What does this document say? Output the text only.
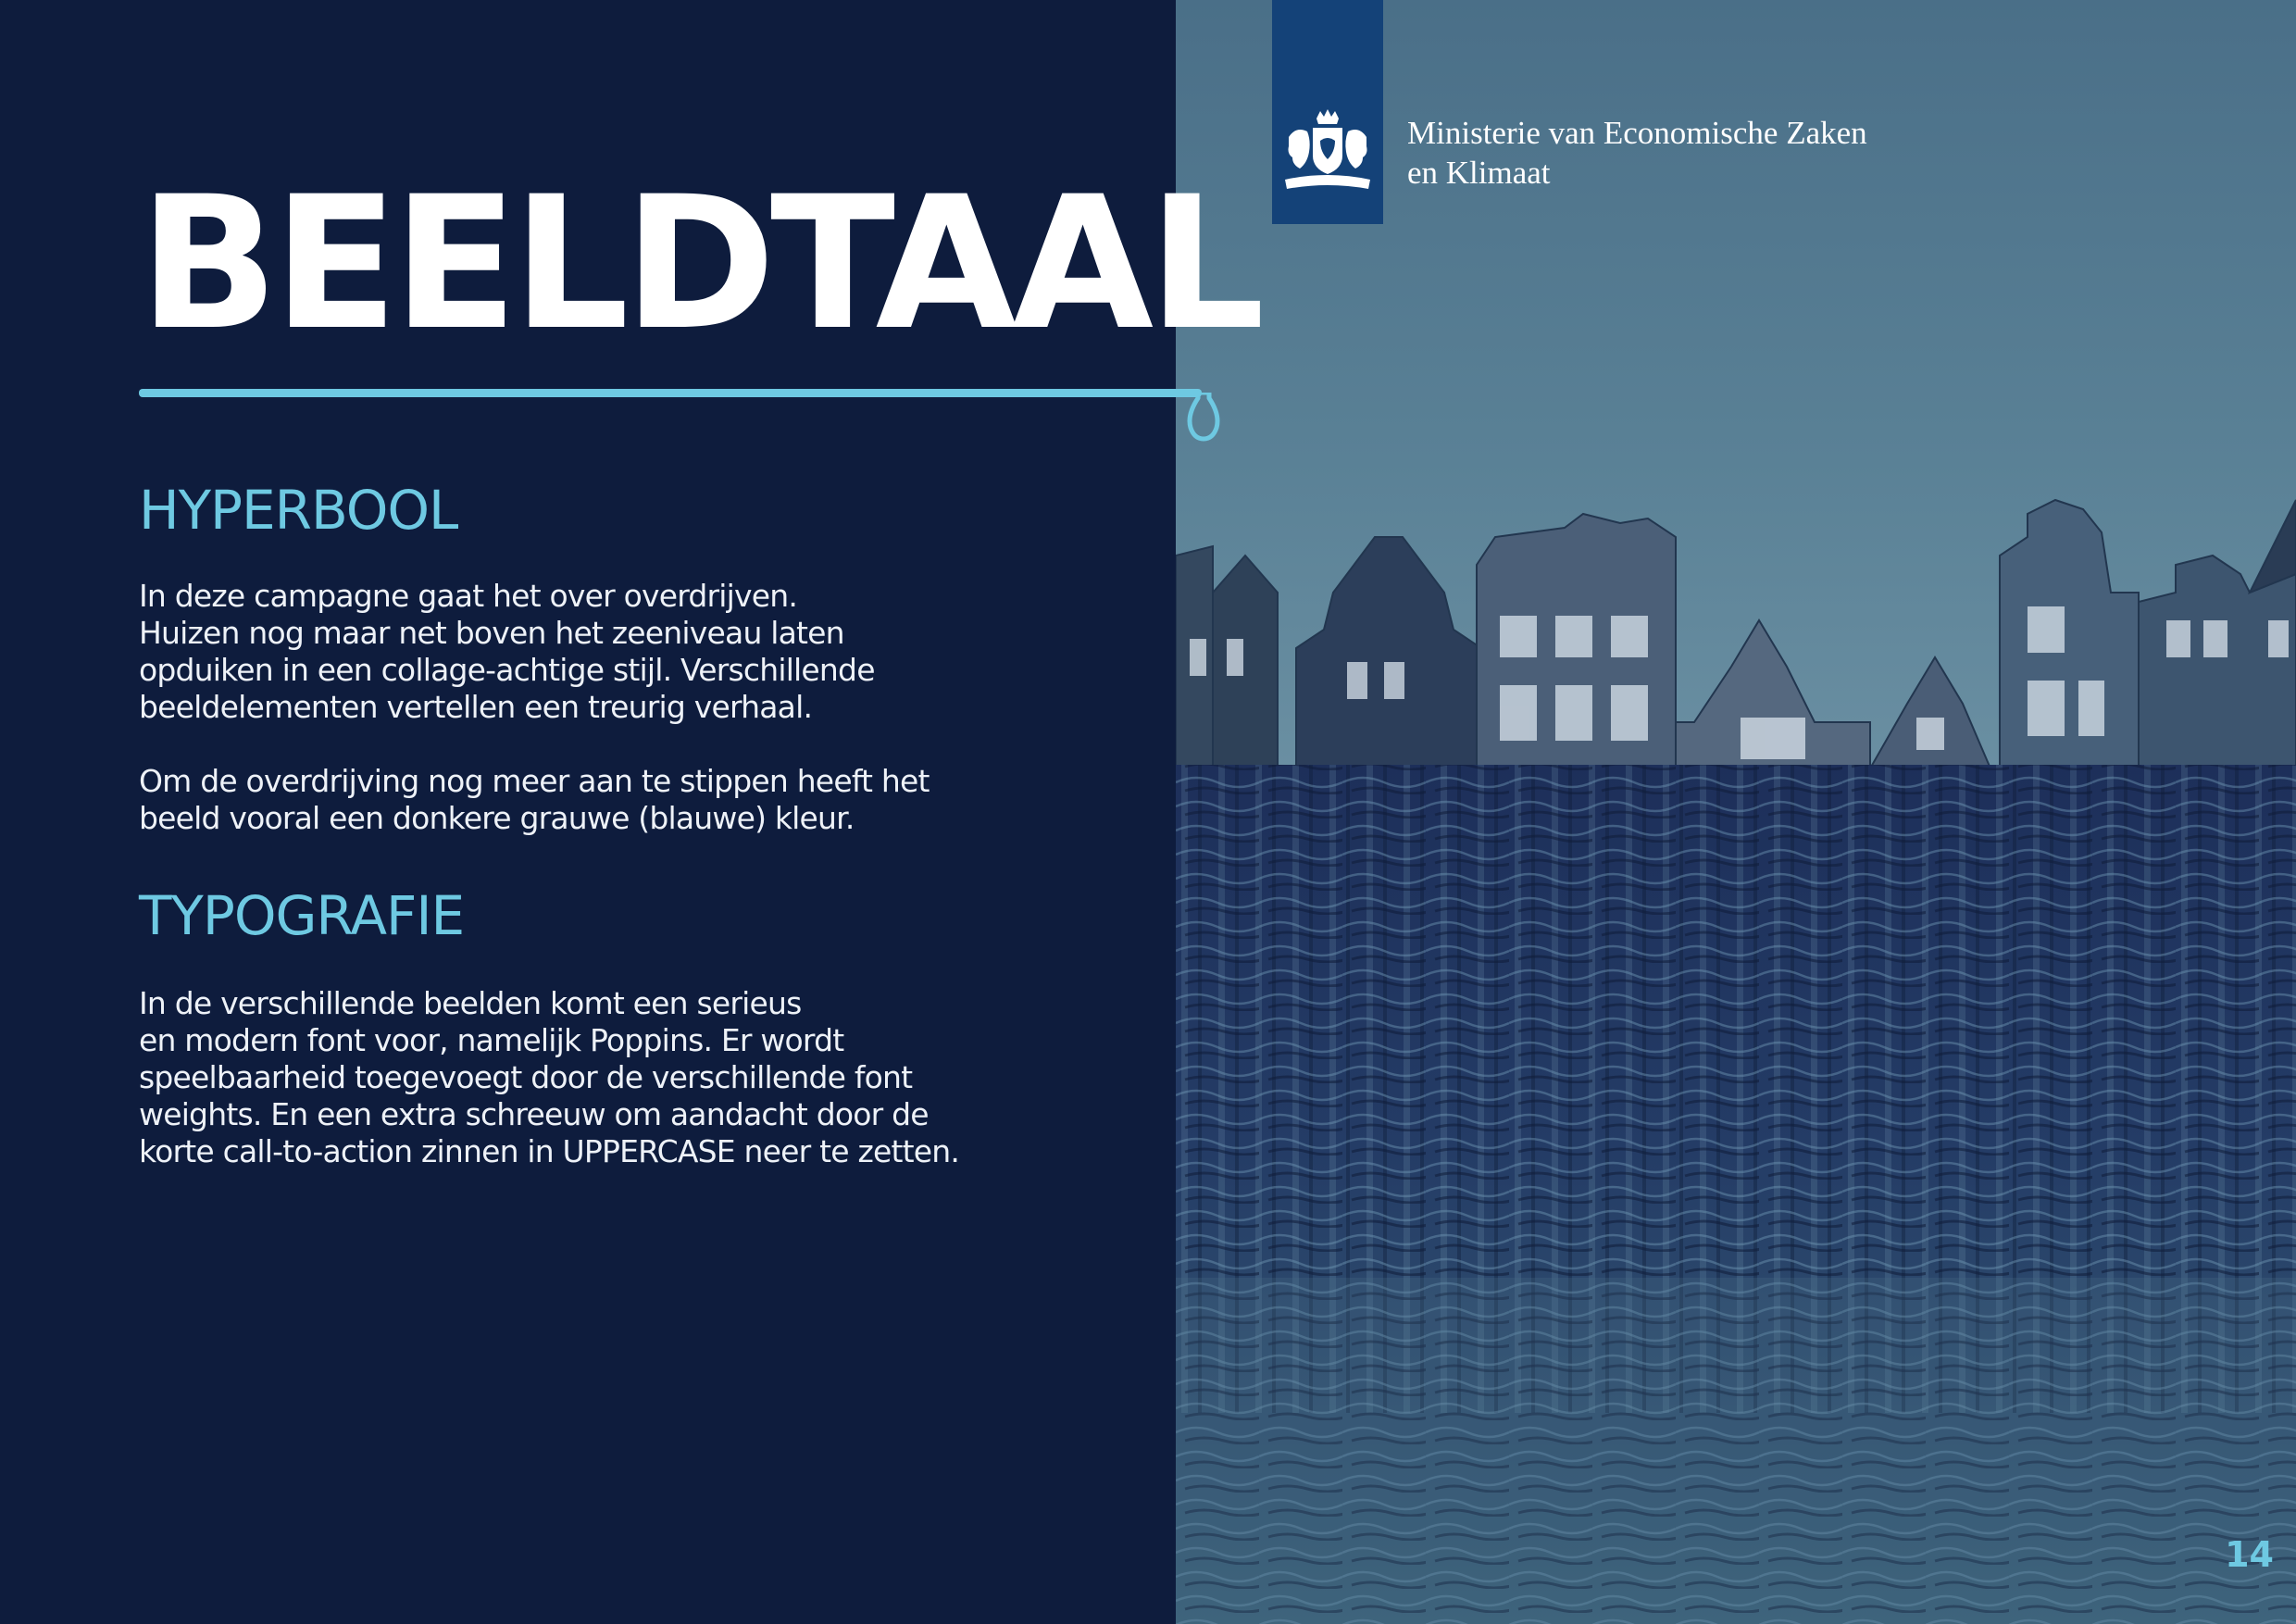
Ministerie van Economische Zaken
en Klimaat

BEELDTAAL
HYPERBOOL

In deze campagne gaat het over overdrijven.
Huizen nog maar net boven het zeeniveau laten
opduiken in een collage-achtige stijl. Verschillende
beeldelementen vertellen een treurig verhaal.

Om de overdrijving nog meer aan te stippen heeft het
beeld vooral een donkere grauwe (blauwe) kleur.

TYPOGRAFIE

In de verschillende beelden komt een serieus
en modern font voor, namelijk Poppins. Er wordt
speelbaarheid toegevoegt door de verschillende font
weights. En een extra schreeuw om aandacht door de
korte call-to-action zinnen in UPPERCASE neer te zetten.

14
